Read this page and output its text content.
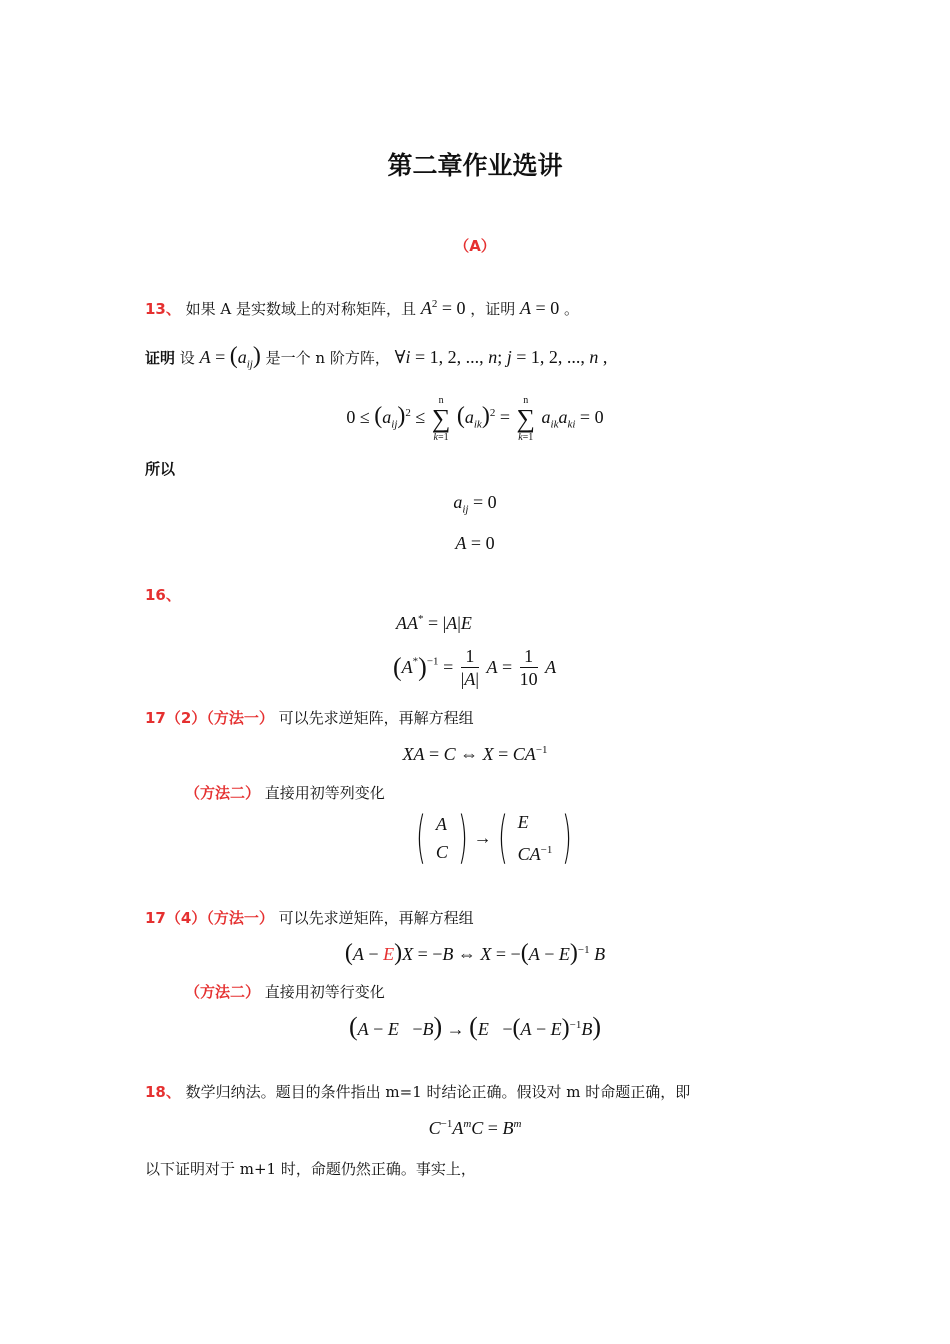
第二章作业选讲
（A）
13、 如果 A 是实数域上的对称矩阵，且 $A^2 = 0$ ，证明 A = 0 。
证明 设 $A = (a_{ij})$ 是一个 n 阶方阵， ∀i = 1, 2, ..., n; j = 1, 2, ..., n ,
$0 \le (a_{ij})^2 \le n$
∑
k=1 $(a_{ik})^2 = n$
∑
k=1 $a_{ik}a_{ki} = 0$
所以
$a_{ij} = 0$
A = 0
16、
AA* = |A|E
$(A^*)^{-1} = \frac{1}{|A|}$ $A = \frac{1}{10}$ A
17（2）（方法一） 可以先求逆矩阵，再解方程组
XA = C ⇔ $X = CA^{-1}$
（方法二） 直接用初等列变化
( A
C ) → ( E
$CA^{-1}$ )
17（4）（方法一） 可以先求逆矩阵，再解方程组
(A − E)X = −B ⇔ $X = -(A - E)^{-1}$ B
（方法二） 直接用初等行变化
$(A - E -B) \to (E -(A - E)^{-1}B)$
18、 数学归纳法。题目的条件指出 m=1 时结论正确。假设对 m 时命题正确，即
$C^{-1}A^mC = B^m$
以下证明对于 m+1 时，命题仍然正确。事实上，
